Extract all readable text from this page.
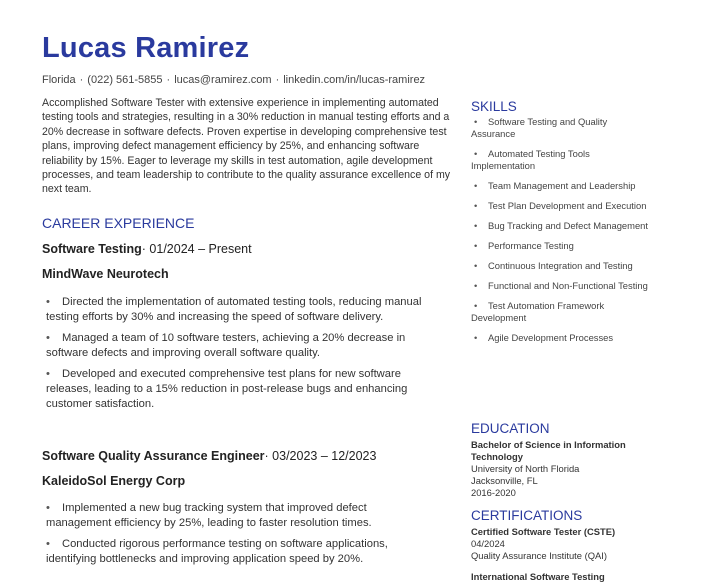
Lucas Ramirez
Florida · (022) 561-5855 · lucas@ramirez.com · linkedin.com/in/lucas-ramirez
Accomplished Software Tester with extensive experience in implementing automated testing tools and strategies, resulting in a 30% reduction in manual testing efforts and a 20% decrease in software defects. Proven expertise in developing comprehensive test plans, improving defect management efficiency by 25%, and enhancing software reliability by 15%. Eager to leverage my skills in test automation, agile development processes, and team leadership to contribute to the quality assurance excellence of my next team.
CAREER EXPERIENCE
Software Testing· 01/2024 – Present
MindWave Neurotech
• Directed the implementation of automated testing tools, reducing manual testing efforts by 30% and increasing the speed of software delivery.
• Managed a team of 10 software testers, achieving a 20% decrease in software defects and improving overall software quality.
• Developed and executed comprehensive test plans for new software releases, leading to a 15% reduction in post-release bugs and enhancing customer satisfaction.
Software Quality Assurance Engineer· 03/2023 – 12/2023
KaleidoSol Energy Corp
• Implemented a new bug tracking system that improved defect management efficiency by 25%, leading to faster resolution times.
• Conducted rigorous performance testing on software applications, identifying bottlenecks and improving application speed by 20%.
SKILLS
• Software Testing and Quality Assurance
• Automated Testing Tools Implementation
• Team Management and Leadership
• Test Plan Development and Execution
• Bug Tracking and Defect Management
• Performance Testing
• Continuous Integration and Testing
• Functional and Non-Functional Testing
• Test Automation Framework Development
• Agile Development Processes
EDUCATION
Bachelor of Science in Information Technology
University of North Florida
Jacksonville, FL
2016-2020
CERTIFICATIONS
Certified Software Tester (CSTE)
04/2024
Quality Assurance Institute (QAI)
International Software Testing
